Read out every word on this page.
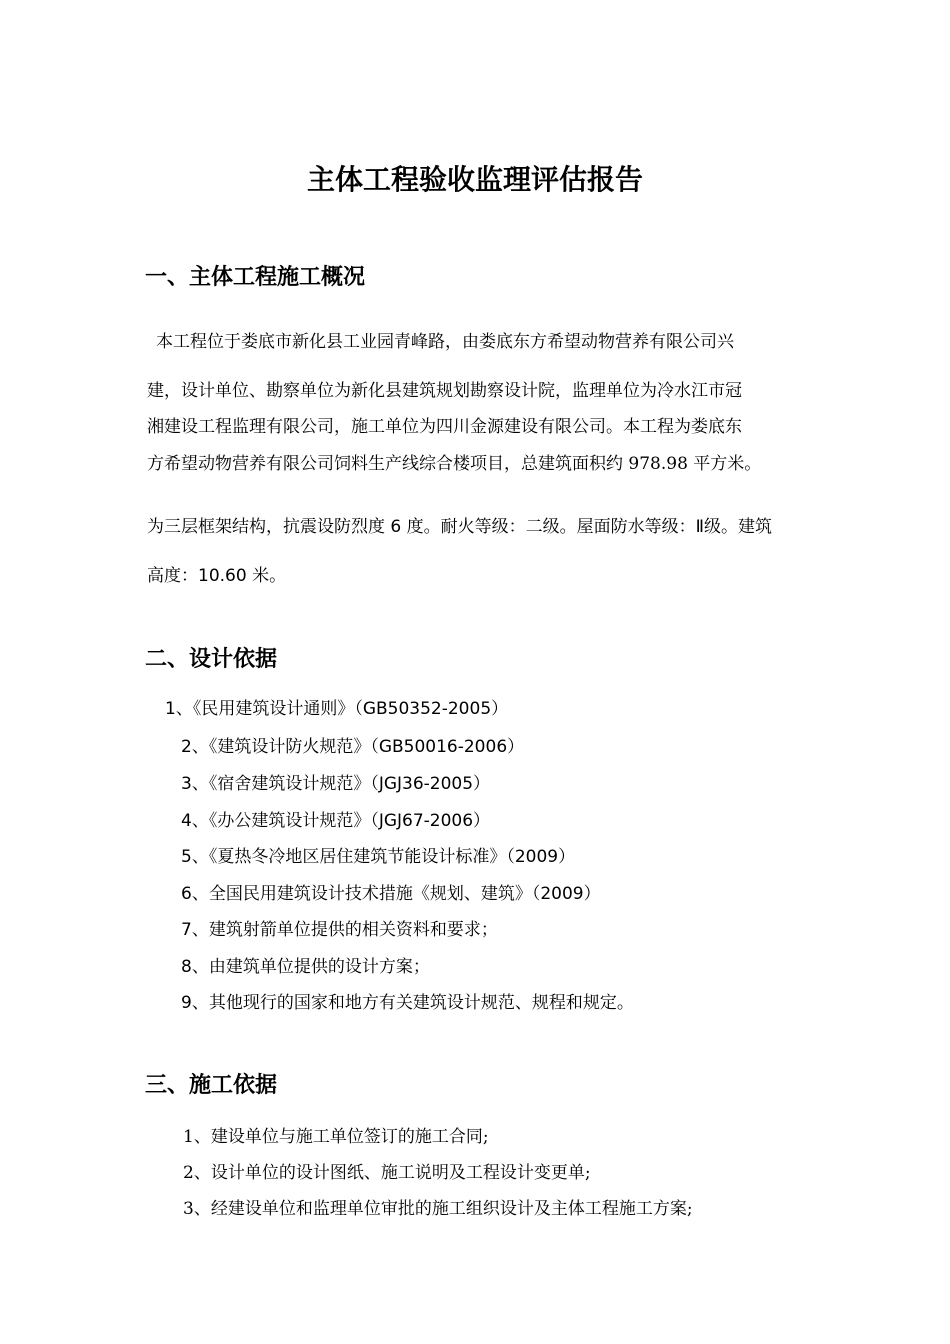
主体工程验收监理评估报告
一、主体工程施工概况
本工程位于娄底市新化县工业园青峰路，由娄底东方希望动物营养有限公司兴
建，设计单位、勘察单位为新化县建筑规划勘察设计院，监理单位为冷水江市冠
湘建设工程监理有限公司，施工单位为四川金源建设有限公司。本工程为娄底东
方希望动物营养有限公司饲料生产线综合楼项目，总建筑面积约 978.98 平方米。
为三层框架结构，抗震设防烈度 6 度。耐火等级：二级。屋面防水等级：Ⅱ级。建筑
高度：10.60 米。
二、设计依据
1、《民用建筑设计通则》（GB50352-2005）
2、《建筑设计防火规范》（GB50016-2006）
3、《宿舍建筑设计规范》（JGJ36-2005）
4、《办公建筑设计规范》（JGJ67-2006）
5、《夏热冬冷地区居住建筑节能设计标准》（2009）
6、全国民用建筑设计技术措施《规划、建筑》（2009）
7、建筑射箭单位提供的相关资料和要求；
8、由建筑单位提供的设计方案；
9、其他现行的国家和地方有关建筑设计规范、规程和规定。
三、施工依据
1、建设单位与施工单位签订的施工合同;
2、设计单位的设计图纸、施工说明及工程设计变更单;
3、经建设单位和监理单位审批的施工组织设计及主体工程施工方案;
